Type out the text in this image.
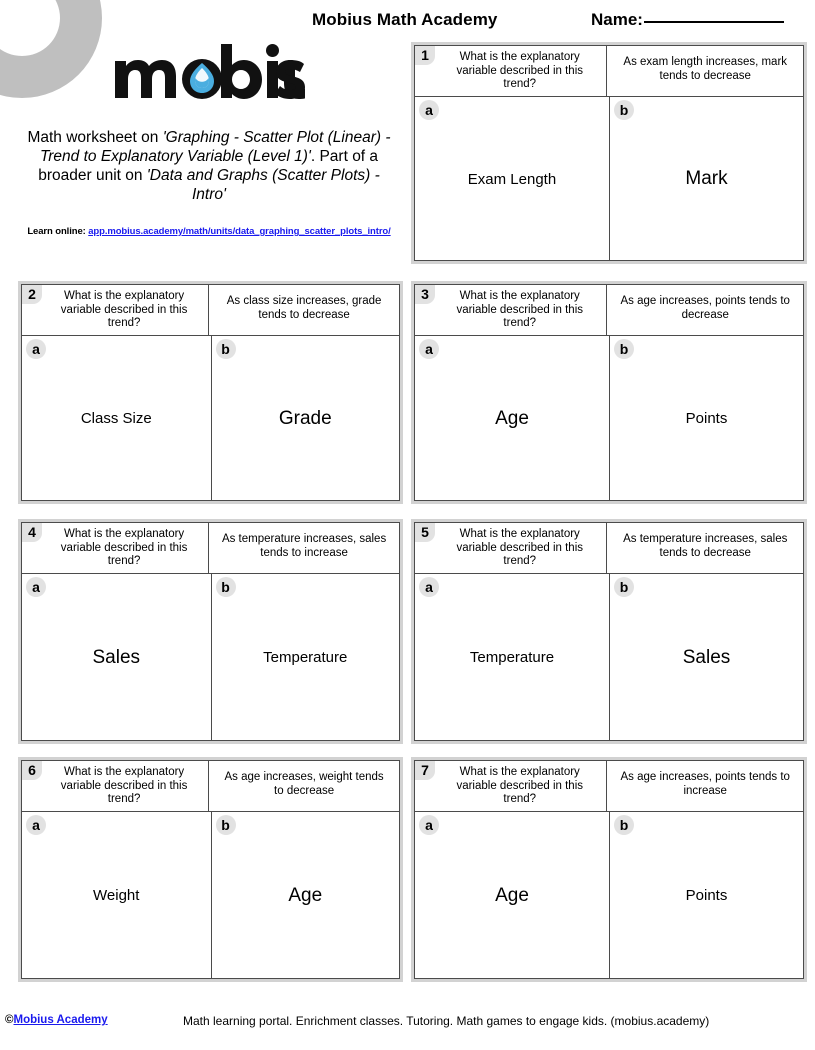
Mobius Math Academy	Name:
Math worksheet on 'Graphing - Scatter Plot (Linear) - Trend to Explanatory Variable (Level 1)'. Part of a broader unit on 'Data and Graphs (Scatter Plots) - Intro'
Learn online: app.mobius.academy/math/units/data_graphing_scatter_plots_intro/
1	What is the explanatory variable described in this trend?
As exam length increases, mark tends to decrease
a
Exam Length
b
Mark
2	What is the explanatory variable described in this trend?
As class size increases, grade tends to decrease
a
Class Size
b
Grade
3	What is the explanatory variable described in this trend?
As age increases, points tends to decrease
a
Age
b
Points
4	What is the explanatory variable described in this trend?
As temperature increases, sales tends to increase
a
Sales
b
Temperature
5	What is the explanatory variable described in this trend?
As temperature increases, sales tends to decrease
a
Temperature
b
Sales
6	What is the explanatory variable described in this trend?
As age increases, weight tends to decrease
a
Weight
b
Age
7	What is the explanatory variable described in this trend?
As age increases, points tends to increase
a
Age
b
Points
©Mobius Academy	Math learning portal. Enrichment classes. Tutoring. Math games to engage kids. (mobius.academy)
